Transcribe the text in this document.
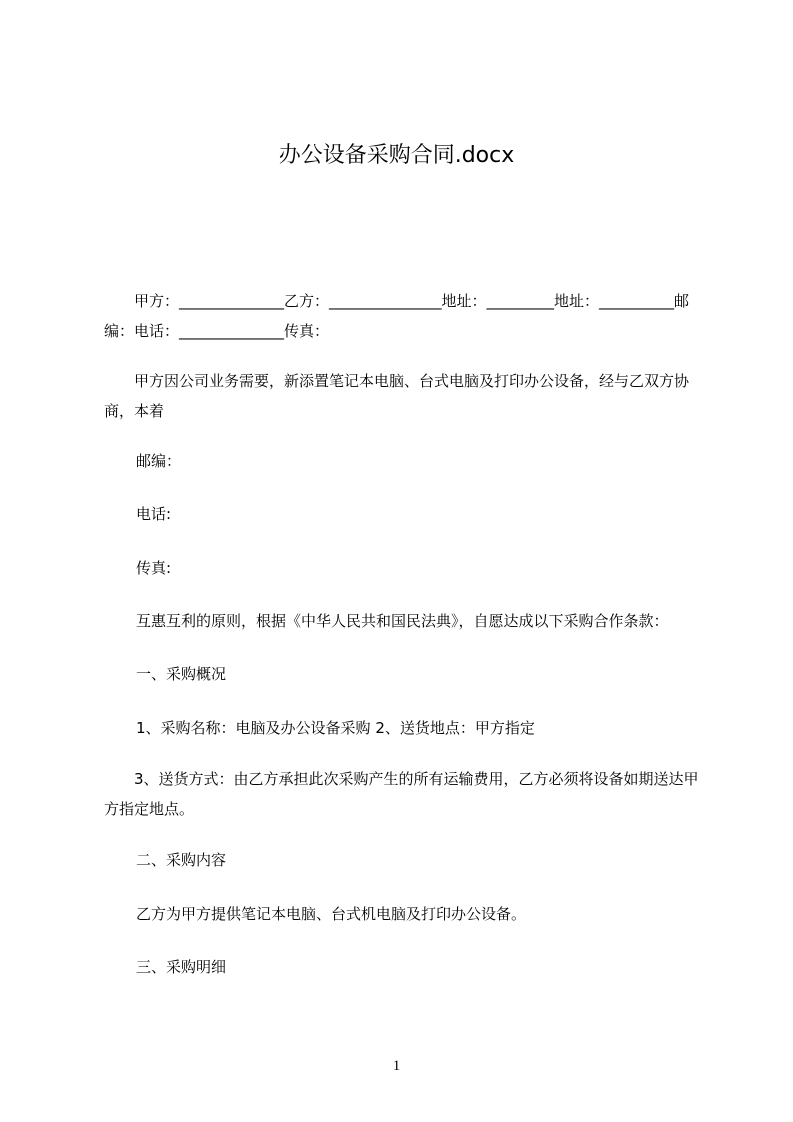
办公设备采购合同.docx
甲方：______________乙方：_______________地址：_________地址：__________邮编：电话：______________传真：
甲方因公司业务需要，新添置笔记本电脑、台式电脑及打印办公设备，经与乙双方协商，本着
邮编：
电话:
传真:
互惠互利的原则，根据《中华人民共和国民法典》，自愿达成以下采购合作条款：
一、采购概况
1、采购名称：电脑及办公设备采购 2、送货地点：甲方指定
3、送货方式：由乙方承担此次采购产生的所有运输费用，乙方必须将设备如期送达甲方指定地点。
二、采购内容
乙方为甲方提供笔记本电脑、台式机电脑及打印办公设备。
三、采购明细
1
